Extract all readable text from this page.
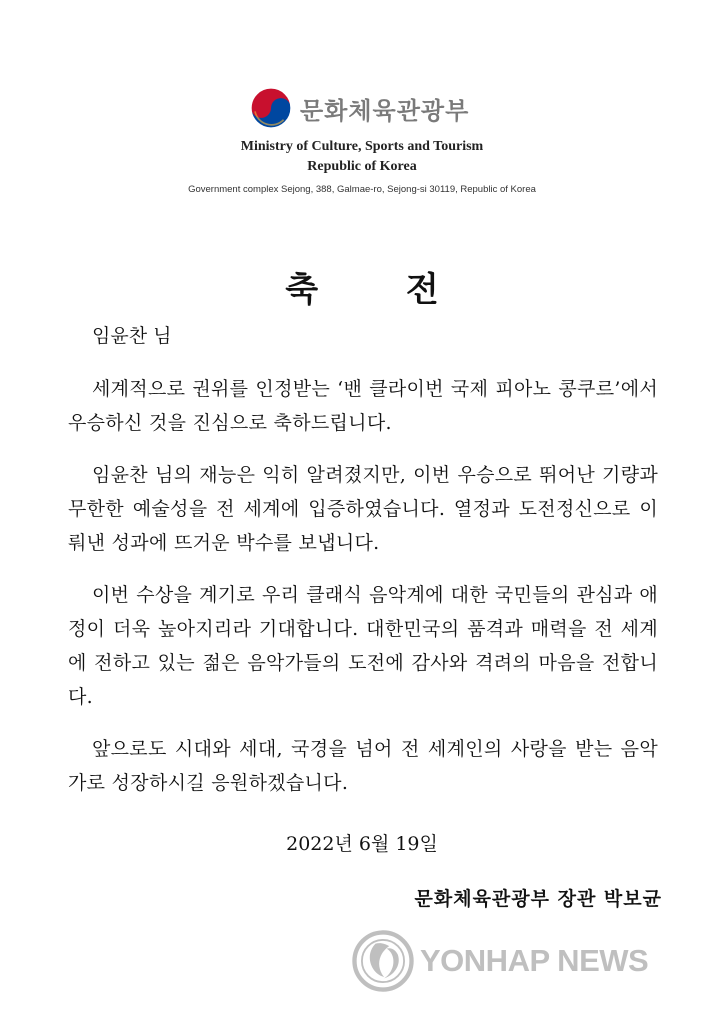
문화체육관광부
Ministry of Culture, Sports and Tourism
Republic of Korea
Government complex Sejong, 388, Galmae-ro, Sejong-si 30119, Republic of Korea
축 전

임윤찬 님

세계적으로 권위를 인정받는 ‘밴 클라이번 국제 피아노 콩쿠르’에서 우승하신 것을 진심으로 축하드립니다.

임윤찬 님의 재능은 익히 알려졌지만, 이번 우승으로 뛰어난 기량과 무한한 예술성을 전 세계에 입증하였습니다. 열정과 도전정신으로 이뤄낸 성과에 뜨거운 박수를 보냅니다.

이번 수상을 계기로 우리 클래식 음악계에 대한 국민들의 관심과 애정이 더욱 높아지리라 기대합니다. 대한민국의 품격과 매력을 전 세계에 전하고 있는 젊은 음악가들의 도전에 감사와 격려의 마음을 전합니다.

앞으로도 시대와 세대, 국경을 넘어 전 세계인의 사랑을 받는 음악가로 성장하시길 응원하겠습니다.

2022년 6월 19일
문화체육관광부 장관 박보균
YONHAP NEWS
